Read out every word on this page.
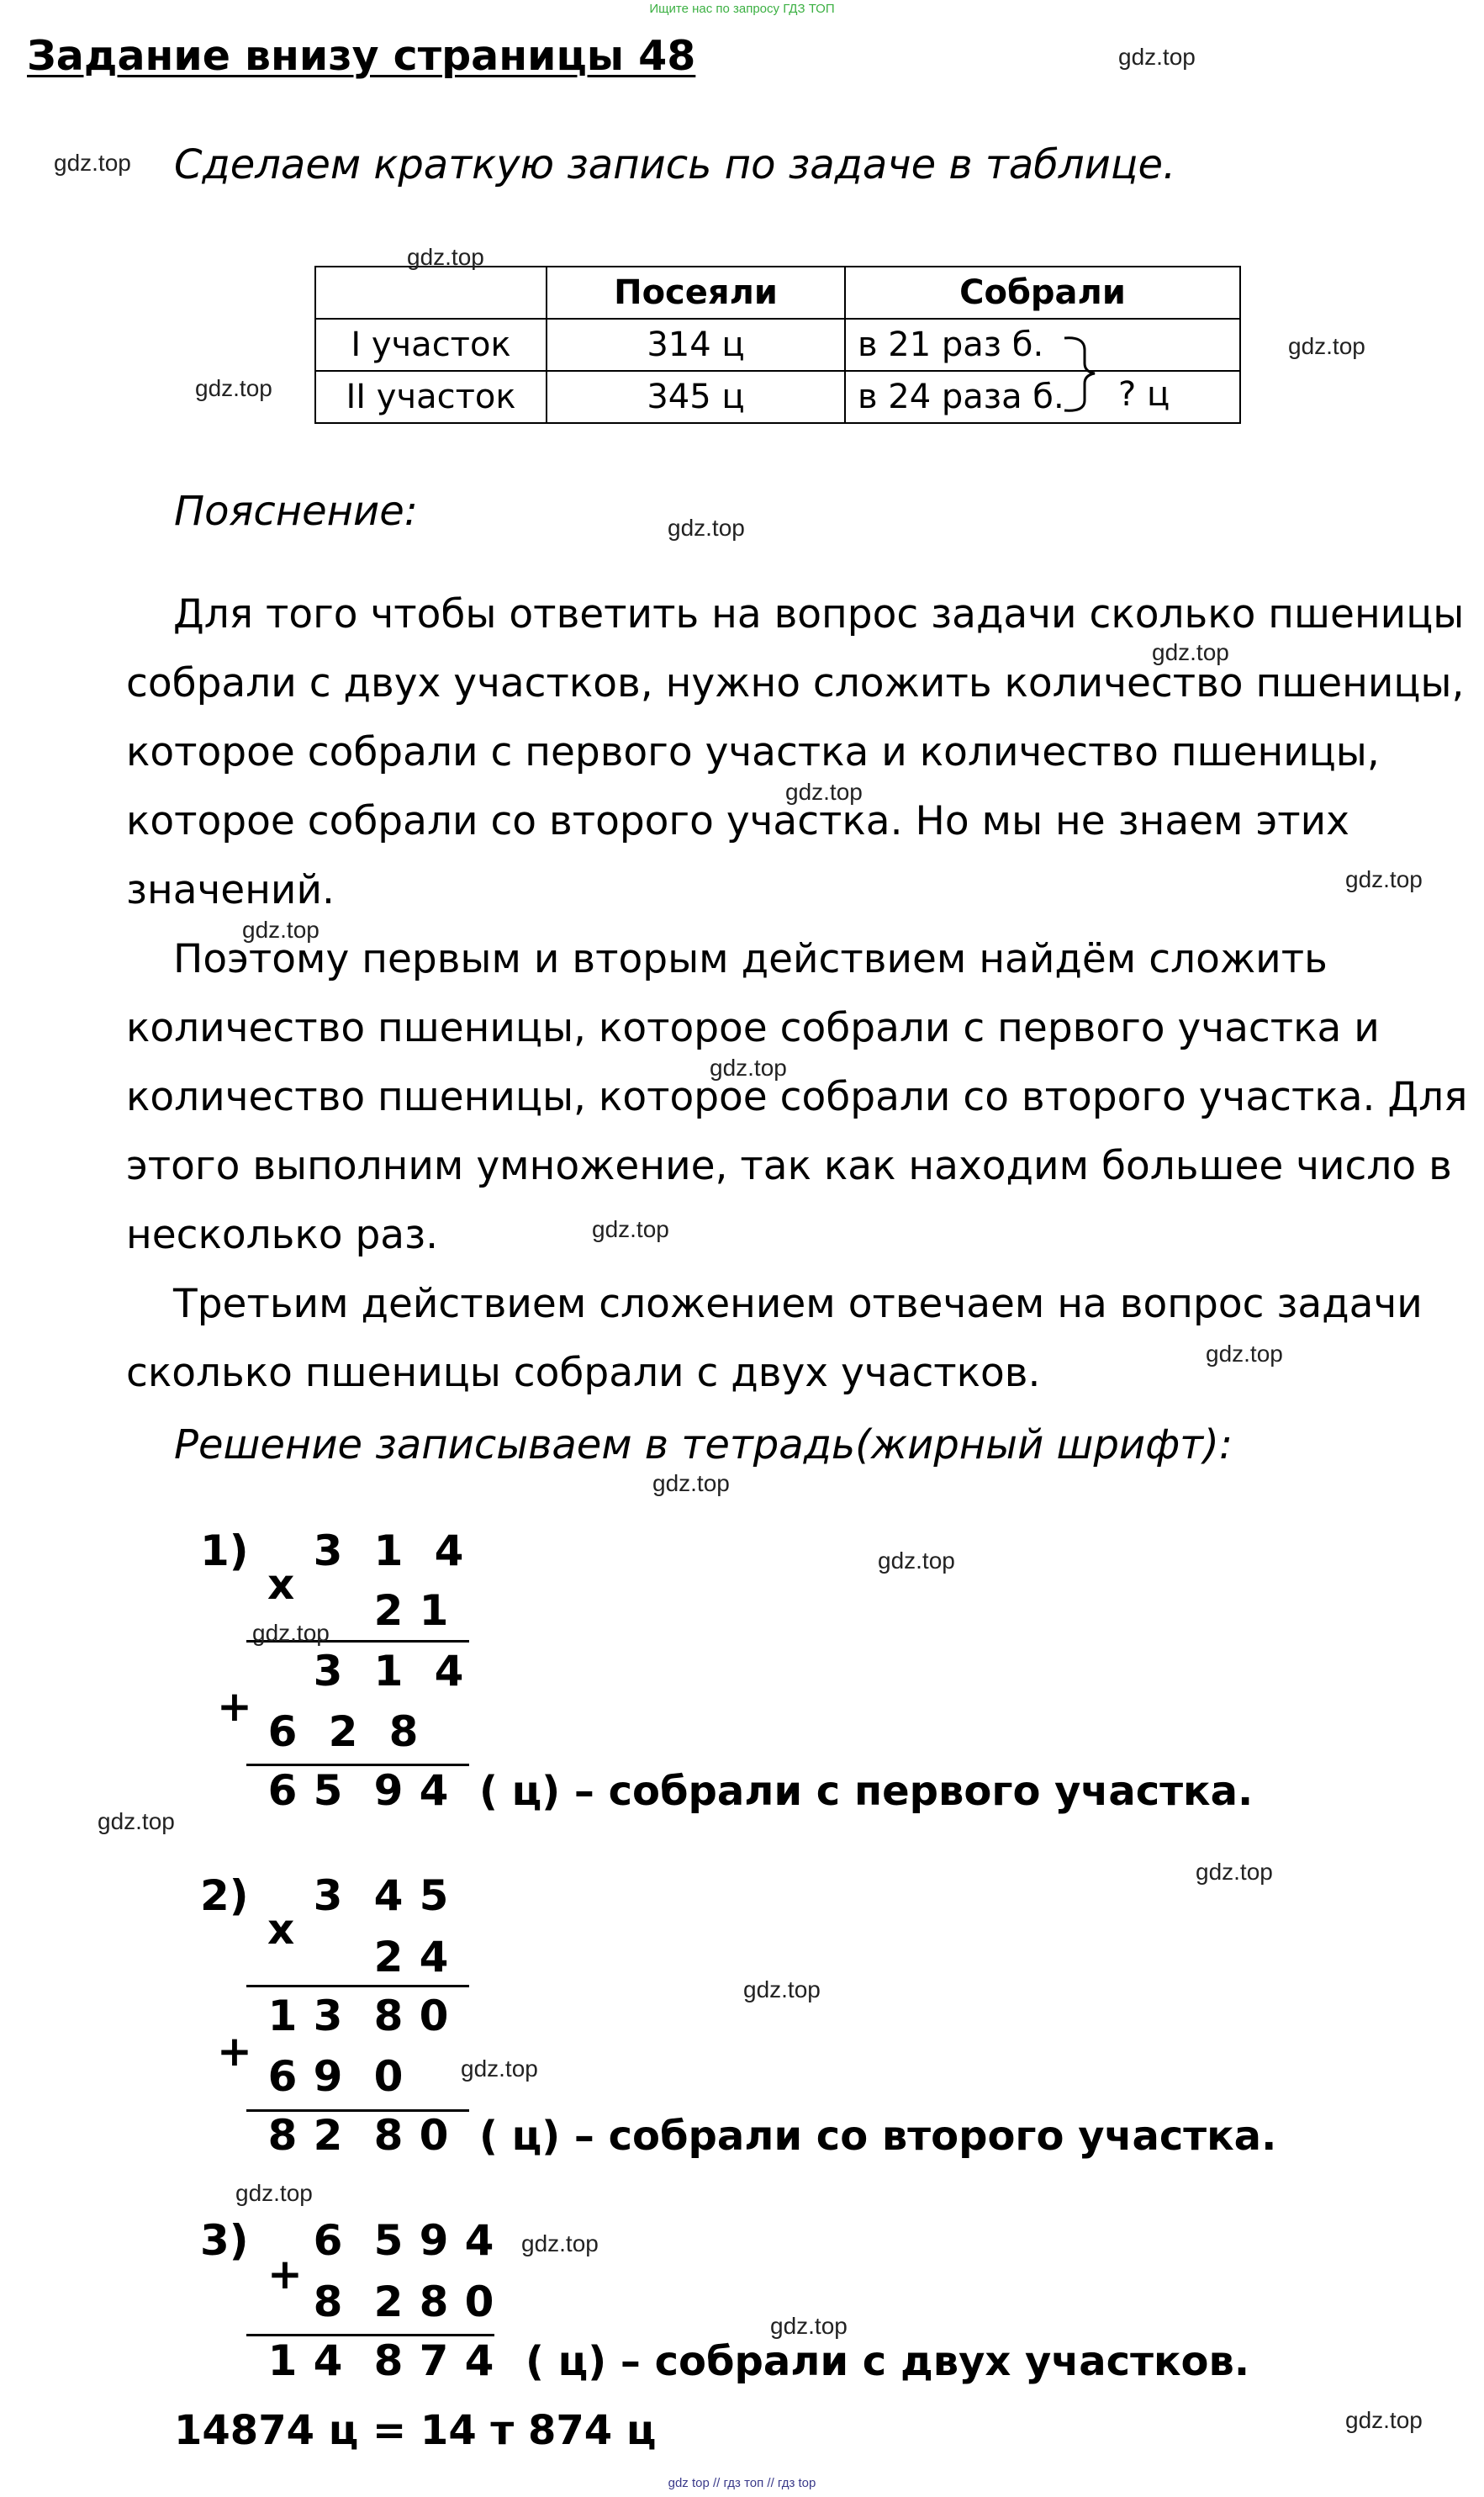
Ищите нас по запросу ГДЗ ТОП
Задание внизу страницы 48
Сделаем краткую запись по задаче в таблице.
	Посеяли	Собрали
I участок	314 ц	в 21 раз б.
II участок	345 ц	в 24 раза б. ? ц
Пояснение:
Для того чтобы ответить на вопрос задачи сколько пшеницы
собрали с двух участков, нужно сложить количество пшеницы,
которое собрали с первого участка и количество пшеницы,
которое собрали со второго участка. Но мы не знаем этих
значений.
Поэтому первым и вторым действием найдём сложить
количество пшеницы, которое собрали с первого участка и
количество пшеницы, которое собрали со второго участка. Для
этого выполним умножение, так как находим большее число в
несколько раз.
Третьим действием сложением отвечаем на вопрос задачи
сколько пшеницы собрали с двух участков.
Решение записываем в тетрадь(жирный шрифт):
1)
x
3 1 4
2 1
+
3 1 4
6 2 8
6 5 9 4 ( ц) – собрали с первого участка.
2)
x
3 4 5
2 4
+
1 3 8 0
6 9 0
8 2 8 0 ( ц) – собрали со второго участка.
3)
+
6 5 9 4
8 2 8 0
1 4 8 7 4 ( ц) – собрали с двух участков.
14874 ц = 14 т 874 ц
gdz.top
gdz.top
gdz.top
gdz.top
gdz.top
gdz.top
gdz.top
gdz.top
gdz.top
gdz.top
gdz.top
gdz.top
gdz.top
gdz.top
gdz.top
gdz.top
gdz.top
gdz.top
gdz.top
gdz.top
gdz.top
gdz.top
gdz.top
gdz.top
gdz top // гдз топ // гдз top
